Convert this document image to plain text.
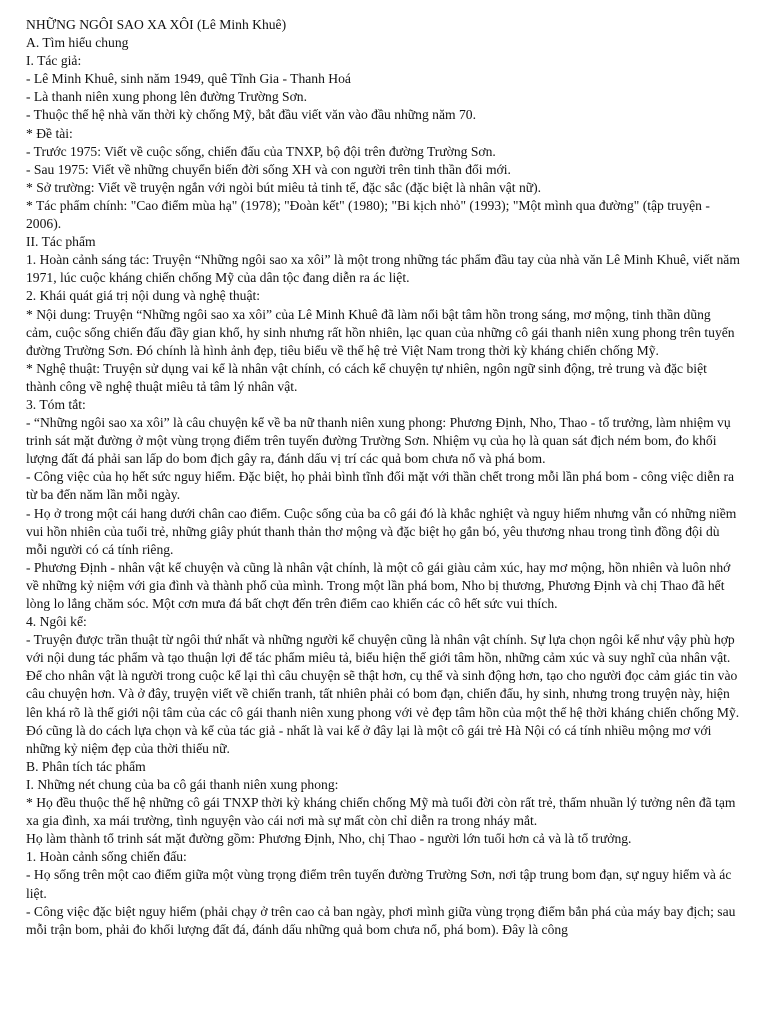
NHỮNG NGÔI SAO XA XÔI (Lê Minh Khuê)

A. Tìm hiểu chung

I. Tác giả:

- Lê Minh Khuê, sinh năm 1949, quê Tĩnh Gia - Thanh Hoá

- Là thanh niên xung phong lên đường Trường Sơn.

- Thuộc thế hệ nhà văn thời kỳ chống Mỹ, bắt đầu viết văn vào đầu những năm 70.

* Đề tài:

- Trước 1975: Viết về cuộc sống, chiến đấu của TNXP, bộ đội trên đường Trường Sơn.

- Sau 1975: Viết về những chuyển biến đời sống XH và con người trên tinh thần đổi mới.

* Sở trường: Viết về truyện ngắn với ngòi bút miêu tả tinh tế, đặc sắc (đặc biệt là nhân vật nữ).

* Tác phẩm chính: "Cao điểm mùa hạ" (1978); "Đoàn kết" (1980); "Bi kịch nhỏ" (1993); "Một mình qua đường" (tập truyện - 2006).

II. Tác phẩm

1. Hoàn cảnh sáng tác: Truyện “Những ngôi sao xa xôi” là một trong những tác phẩm đầu tay của nhà văn Lê Minh Khuê, viết năm 1971, lúc cuộc kháng chiến chống Mỹ của dân tộc đang diễn ra ác liệt.

2. Khái quát giá trị nội dung và nghệ thuật:

* Nội dung: Truyện “Những ngôi sao xa xôi” của Lê Minh Khuê đã làm nổi bật tâm hồn trong sáng, mơ mộng, tinh thần dũng cảm, cuộc sống chiến đấu đầy gian khổ, hy sinh nhưng rất hồn nhiên, lạc quan của những cô gái thanh niên xung phong trên tuyến đường Trường Sơn. Đó chính là hình ảnh đẹp, tiêu biểu về thế hệ trẻ Việt Nam trong thời kỳ kháng chiến chống Mỹ.

* Nghệ thuật: Truyện sử dụng vai kể là nhân vật chính, có cách kể chuyện tự nhiên, ngôn ngữ sinh động, trẻ trung và đặc biệt thành công về nghệ thuật miêu tả tâm lý nhân vật.

3. Tóm tắt:

- “Những ngôi sao xa xôi” là câu chuyện kể về ba nữ thanh niên xung phong: Phương Định, Nho, Thao - tổ trưởng, làm nhiệm vụ trinh sát mặt đường ở một vùng trọng điểm trên tuyến đường Trường Sơn. Nhiệm vụ của họ là quan sát địch ném bom, đo khối lượng đất đá phải san lấp do bom địch gây ra, đánh dấu vị trí các quả bom chưa nổ và phá bom.

- Công việc của họ hết sức nguy hiểm. Đặc biệt, họ phải bình tĩnh đối mặt với thần chết trong mỗi lần phá bom - công việc diễn ra từ ba đến năm lần mỗi ngày.

- Họ ở trong một cái hang dưới chân cao điểm. Cuộc sống của ba cô gái đó là khắc nghiệt và nguy hiểm nhưng vẫn có những niềm vui hồn nhiên của tuổi trẻ, những giây phút thanh thản thơ mộng và đặc biệt họ gắn bó, yêu thương nhau trong tình đồng đội dù mỗi người có cá tính riêng.

- Phương Định - nhân vật kể chuyện và cũng là nhân vật chính, là một cô gái giàu cảm xúc, hay mơ mộng, hồn nhiên và luôn nhớ về những kỷ niệm với gia đình và thành phố của mình. Trong một lần phá bom, Nho bị thương, Phương Định và chị Thao đã hết lòng lo lắng chăm sóc. Một cơn mưa đá bất chợt đến trên điểm cao khiến các cô hết sức vui thích.

4. Ngôi kể:

- Truyện được trần thuật từ ngôi thứ nhất và những người kể chuyện cũng là nhân vật chính. Sự lựa chọn ngôi kể như vậy phù hợp với nội dung tác phẩm và tạo thuận lợi để tác phẩm miêu tả, biểu hiện thế giới tâm hồn, những cảm xúc và suy nghĩ của nhân vật. Để cho nhân vật là người trong cuộc kể lại thì câu chuyện sẽ thật hơn, cụ thể và sinh động hơn, tạo cho người đọc cảm giác tin vào câu chuyện hơn. Và ở đây, truyện viết về chiến tranh, tất nhiên phải có bom đạn, chiến đấu, hy sinh, nhưng trong truyện này, hiện lên khá rõ là thế giới nội tâm của các cô gái thanh niên xung phong với vẻ đẹp tâm hồn của một thế hệ thời kháng chiến chống Mỹ. Đó cũng là do cách lựa chọn và kể của tác giả - nhất là vai kể ở đây lại là một cô gái trẻ Hà Nội có cá tính nhiều mộng mơ với những kỷ niệm đẹp của thời thiếu nữ.

B. Phân tích tác phẩm

I. Những nét chung của ba cô gái thanh niên xung phong:

* Họ đều thuộc thế hệ những cô gái TNXP thời kỳ kháng chiến chống Mỹ mà tuổi đời còn rất trẻ, thấm nhuần lý tưởng nên đã tạm xa gia đình, xa mái trường, tình nguyện vào cái nơi mà sự mất còn chỉ diễn ra trong nháy mắt.

Họ làm thành tổ trinh sát mặt đường gồm: Phương Định, Nho, chị Thao - người lớn tuổi hơn cả và là tổ trưởng.

1. Hoàn cảnh sống chiến đấu:

- Họ sống trên một cao điểm giữa một vùng trọng điểm trên tuyến đường Trường Sơn, nơi tập trung bom đạn, sự nguy hiểm và ác liệt.

- Công việc đặc biệt nguy hiểm (phải chạy ở trên cao cả ban ngày, phơi mình giữa vùng trọng điểm bắn phá của máy bay địch; sau mỗi trận bom, phải đo khối lượng đất đá, đánh dấu những quả bom chưa nổ, phá bom). Đây là công
